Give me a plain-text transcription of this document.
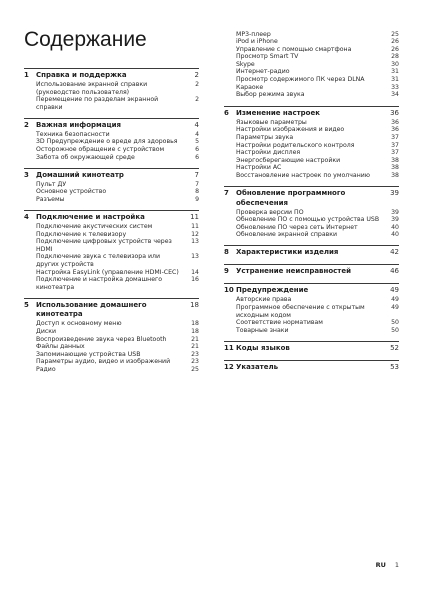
Содержание
1	Справка и поддержка	2
Использование экранной справки (руководство пользователя)
2
Перемещение по разделам экранной справки
2
2	Важная информация	4
Техника безопасности	4
3D Предупреждение о вреде для здоровья	5
Осторожное обращение с устройством	6
Забота об окружающей среде	6
3	Домашний кинотеатр	7
Пульт ДУ	7
Основное устройство	8
Разъемы	9
4	Подключение и настройка	11
Подключение акустических систем	11
Подключение к телевизору	12
Подключение цифровых устройств через HDMI
13
Подключение звука с телевизора или других устройств
13
Настройка EasyLink (управление HDMI-CEC)	14
Подключение и настройка домашнего кинотеатра
16
5	Использование домашнего кинотеатра
18
Доступ к основному меню	18
Диски	18
Воспроизведение звука через Bluetooth	21
Файлы данных	21
Запоминающие устройства USB	23
Параметры аудио, видео и изображений	23
Радио	25
MP3-плеер	25
iPod и iPhone	26
Управление с помощью смартфона	26
Просмотр Smart TV	28
Skype	30
Интернет-радио	31
Просмотр содержимого ПК через DLNA	31
Караоке	33
Выбор режима звука	34
6	Изменение настроек	36
Языковые параметры	36
Настройки изображения и видео	36
Параметры звука	37
Настройки родительского контроля	37
Настройки дисплея	37
Энергосберегающие настройки	38
Настройки AC	38
Восстановление настроек по умолчанию	38
7	Обновление программного обеспечения
39
Проверка версии ПО	39
Обновление ПО с помощью устройства USB	39
Обновление ПО через сеть Интернет	40
Обновление экранной справки	40
8	Характеристики изделия	42
9	Устранение неисправностей	46
10 Предупреждение	49
Авторские права	49
Программное обеспечение с открытым исходным кодом
49
Соответствие нормативам	50
Товарные знаки	50
11 Коды языков	52
12 Указатель	53
RU 1
